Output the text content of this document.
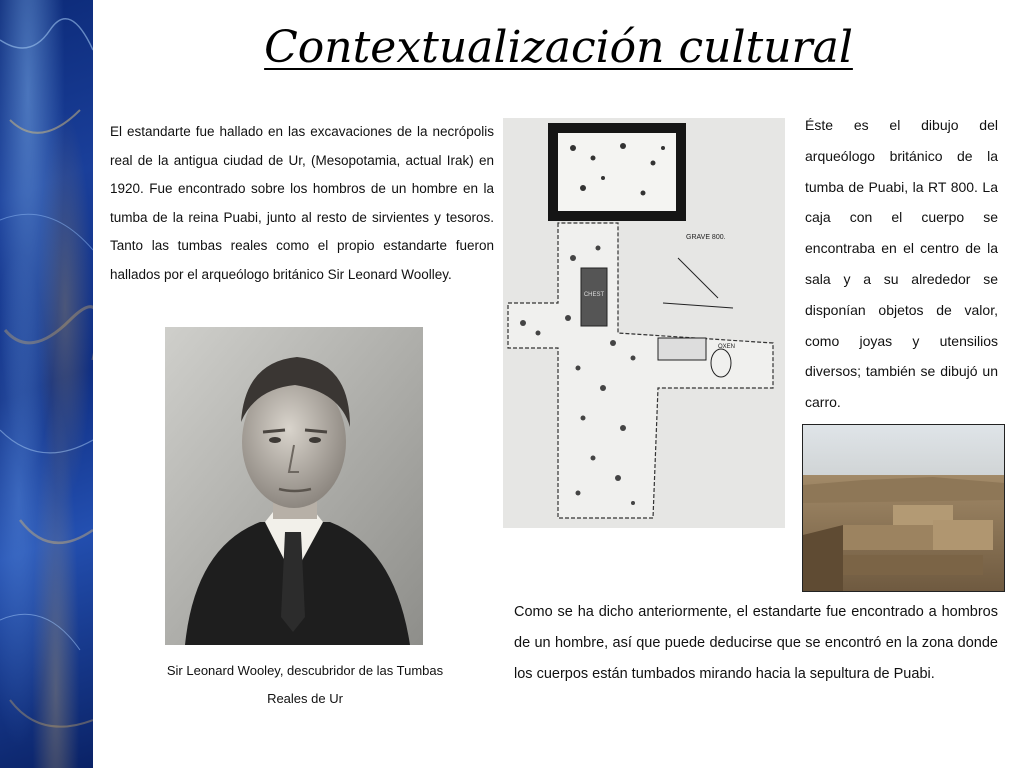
Contextualización cultural

El estandarte fue hallado en las excavaciones de la necrópolis real de la antigua ciudad de Ur, (Mesopotamia, actual Irak) en 1920. Fue encontrado sobre los hombros de un hombre en la tumba de la reina Puabi, junto al resto de sirvientes y tesoros. Tanto las tumbas reales como el propio estandarte fueron hallados por el arqueólogo británico Sir Leonard Woolley.

Sir Leonard Wooley, descubridor de las Tumbas
Reales de Ur

CHEST
OXEN
GRAVE 800.

Éste es el dibujo del arqueólogo británico de la tumba de Puabi, la RT 800. La caja con el cuerpo se encontraba en el centro de la sala y a su alrededor se disponían objetos de valor, como joyas y utensilios diversos; también se dibujó un carro.

Como se ha dicho anteriormente, el estandarte fue encontrado a hombros de un hombre, así que puede deducirse que se encontró en la zona donde los cuerpos están tumbados mirando hacia la sepultura de Puabi.
